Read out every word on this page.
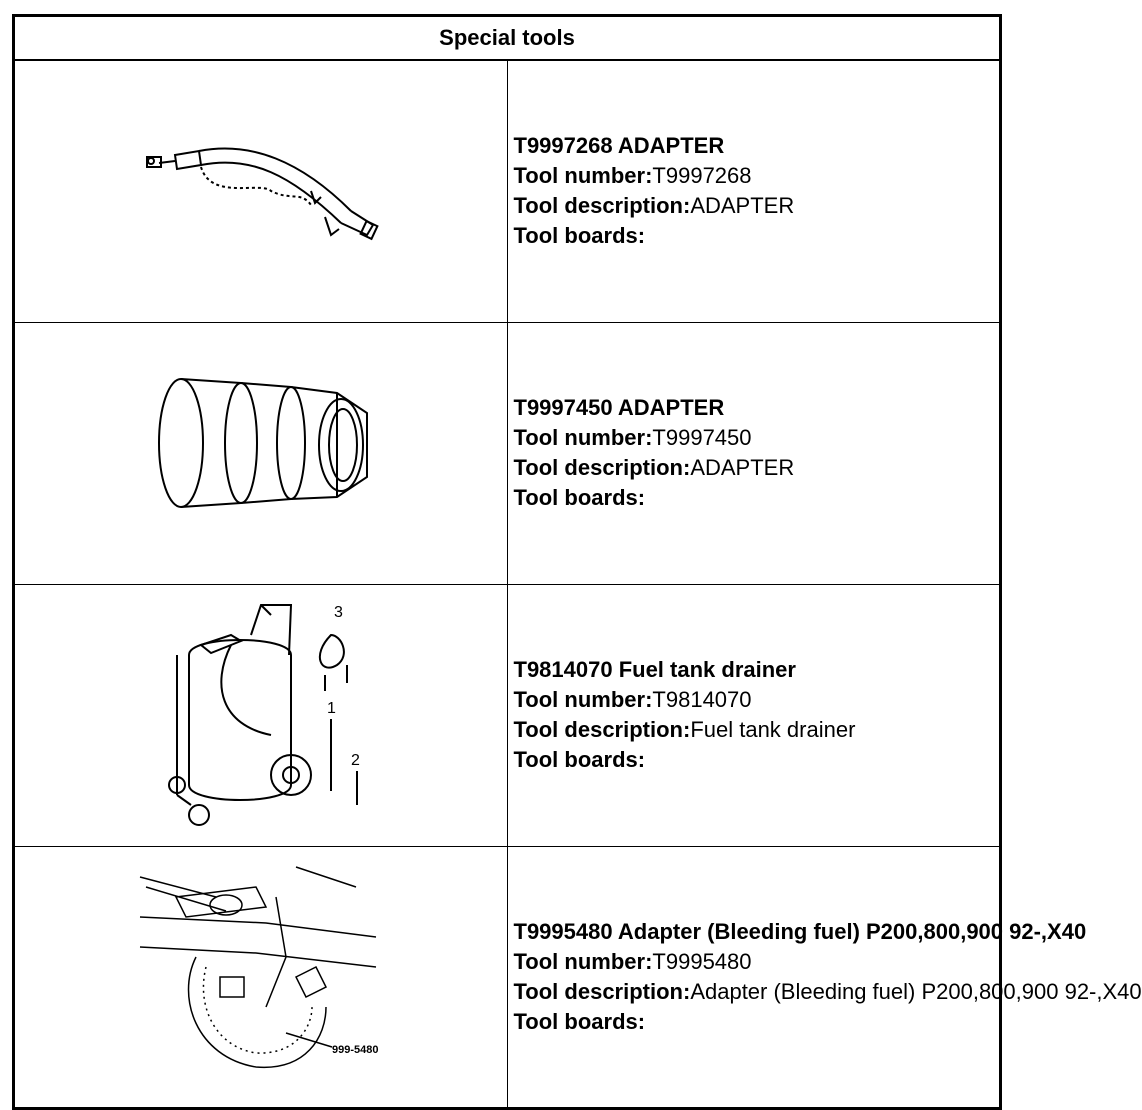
Special tools	

T9997268 ADAPTER
Tool number:T9997268
Tool description:ADAPTER
Tool boards:

T9997450 ADAPTER
Tool number:T9997450
Tool description:ADAPTER
Tool boards:

3
1
2	T9814070 Fuel tank drainer
Tool number:T9814070
Tool description:Fuel tank drainer
Tool boards:

999-5480	T9995480 Adapter (Bleeding fuel) P200,800,900 92-,X40
Tool number:T9995480
Tool description:Adapter (Bleeding fuel) P200,800,900 92-,X40
Tool boards:
